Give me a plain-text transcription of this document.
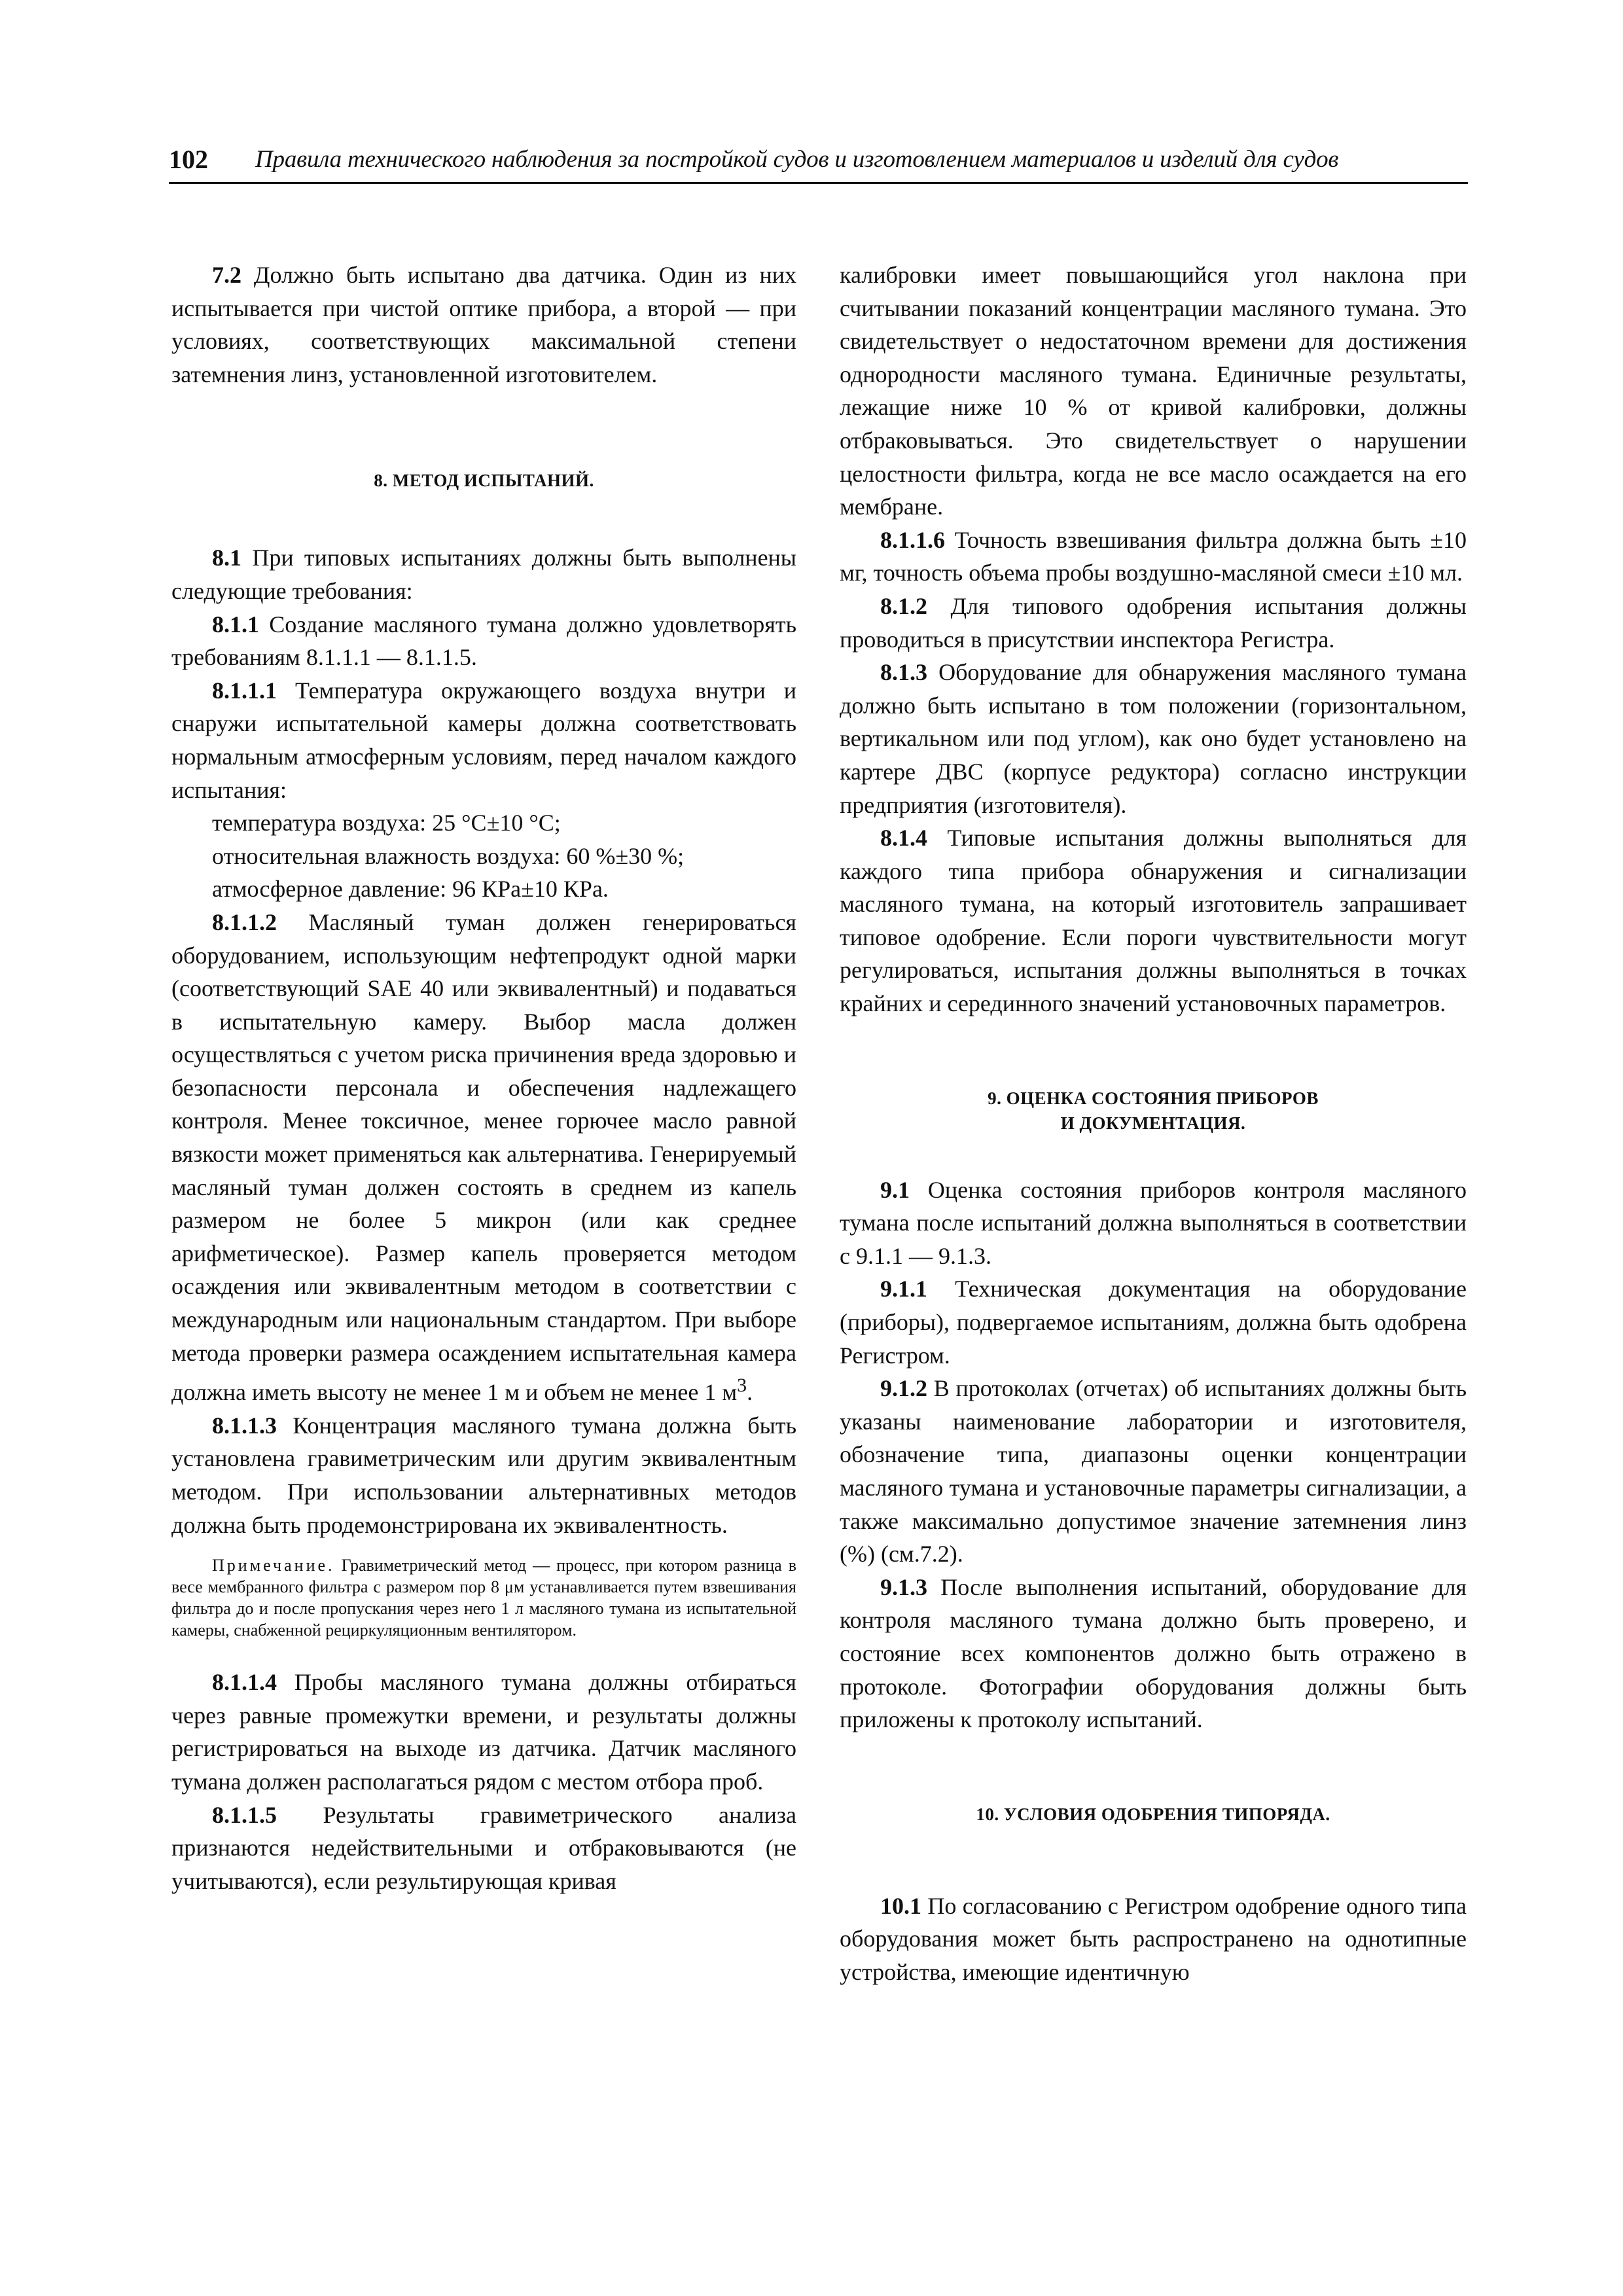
102 Правила технического наблюдения за постройкой судов и изготовлением материалов и изделий для судов

7.2 Должно быть испытано два датчика. Один из них испытывается при чистой оптике прибора, а второй — при условиях, соответствующих максимальной степени затемнения линз, установленной изготовителем.

8. МЕТОД ИСПЫТАНИЙ.

8.1 При типовых испытаниях должны быть выполнены следующие требования:

8.1.1 Создание масляного тумана должно удовлетворять требованиям 8.1.1.1 — 8.1.1.5.

8.1.1.1 Температура окружающего воздуха внутри и снаружи испытательной камеры должна соответствовать нормальным атмосферным условиям, перед началом каждого испытания:

температура воздуха: 25 °С±10 °С;

относительная влажность воздуха: 60 %±30 %;

атмосферное давление: 96 КРа±10 КРа.

8.1.1.2 Масляный туман должен генерироваться оборудованием, использующим нефтепродукт одной марки (соответствующий SAE 40 или эквивалентный) и подаваться в испытательную камеру. Выбор масла должен осуществляться с учетом риска причинения вреда здоровью и безопасности персонала и обеспечения надлежащего контроля. Менее токсичное, менее горючее масло равной вязкости может применяться как альтернатива. Генерируемый масляный туман должен состоять в среднем из капель размером не более 5 микрон (или как среднее арифметическое). Размер капель проверяется методом осаждения или эквивалентным методом в соответствии с международным или национальным стандартом. При выборе метода проверки размера осаждением испытательная камера должна иметь высоту не менее 1 м и объем не менее 1 $м^3$.

8.1.1.3 Концентрация масляного тумана должна быть установлена гравиметрическим или другим эквивалентным методом. При использовании альтернативных методов должна быть продемонстрирована их эквивалентность.

Примечание. Гравиметрический метод — процесс, при котором разница в весе мембранного фильтра с размером пор 8 μм устанавливается путем взвешивания фильтра до и после пропускания через него 1 л масляного тумана из испытательной камеры, снабженной рециркуляционным вентилятором.

8.1.1.4 Пробы масляного тумана должны отбираться через равные промежутки времени, и результаты должны регистрироваться на выходе из датчика. Датчик масляного тумана должен располагаться рядом с местом отбора проб.

8.1.1.5 Результаты гравиметрического анализа признаются недействительными и отбраковываются (не учитываются), если результирующая кривая

калибровки имеет повышающийся угол наклона при считывании показаний концентрации масляного тумана. Это свидетельствует о недостаточном времени для достижения однородности масляного тумана. Единичные результаты, лежащие ниже 10 % от кривой калибровки, должны отбраковываться. Это свидетельствует о нарушении целостности фильтра, когда не все масло осаждается на его мембране.

8.1.1.6 Точность взвешивания фильтра должна быть ±10 мг, точность объема пробы воздушно-масляной смеси ±10 мл.

8.1.2 Для типового одобрения испытания должны проводиться в присутствии инспектора Регистра.

8.1.3 Оборудование для обнаружения масляного тумана должно быть испытано в том положении (горизонтальном, вертикальном или под углом), как оно будет установлено на картере ДВС (корпусе редуктора) согласно инструкции предприятия (изготовителя).

8.1.4 Типовые испытания должны выполняться для каждого типа прибора обнаружения и сигнализации масляного тумана, на который изготовитель запрашивает типовое одобрение. Если пороги чувствительности могут регулироваться, испытания должны выполняться в точках крайних и серединного значений установочных параметров.

9. ОЦЕНКА СОСТОЯНИЯ ПРИБОРОВ
И ДОКУМЕНТАЦИЯ.

9.1 Оценка состояния приборов контроля масляного тумана после испытаний должна выполняться в соответствии с 9.1.1 — 9.1.3.

9.1.1 Техническая документация на оборудование (приборы), подвергаемое испытаниям, должна быть одобрена Регистром.

9.1.2 В протоколах (отчетах) об испытаниях должны быть указаны наименование лаборатории и изготовителя, обозначение типа, диапазоны оценки концентрации масляного тумана и установочные параметры сигнализации, а также максимально допустимое значение затемнения линз (%) (см.7.2).

9.1.3 После выполнения испытаний, оборудование для контроля масляного тумана должно быть проверено, и состояние всех компонентов должно быть отражено в протоколе. Фотографии оборудования должны быть приложены к протоколу испытаний.

10. УСЛОВИЯ ОДОБРЕНИЯ ТИПОРЯДА.

10.1 По согласованию с Регистром одобрение одного типа оборудования может быть распространено на однотипные устройства, имеющие идентичную
